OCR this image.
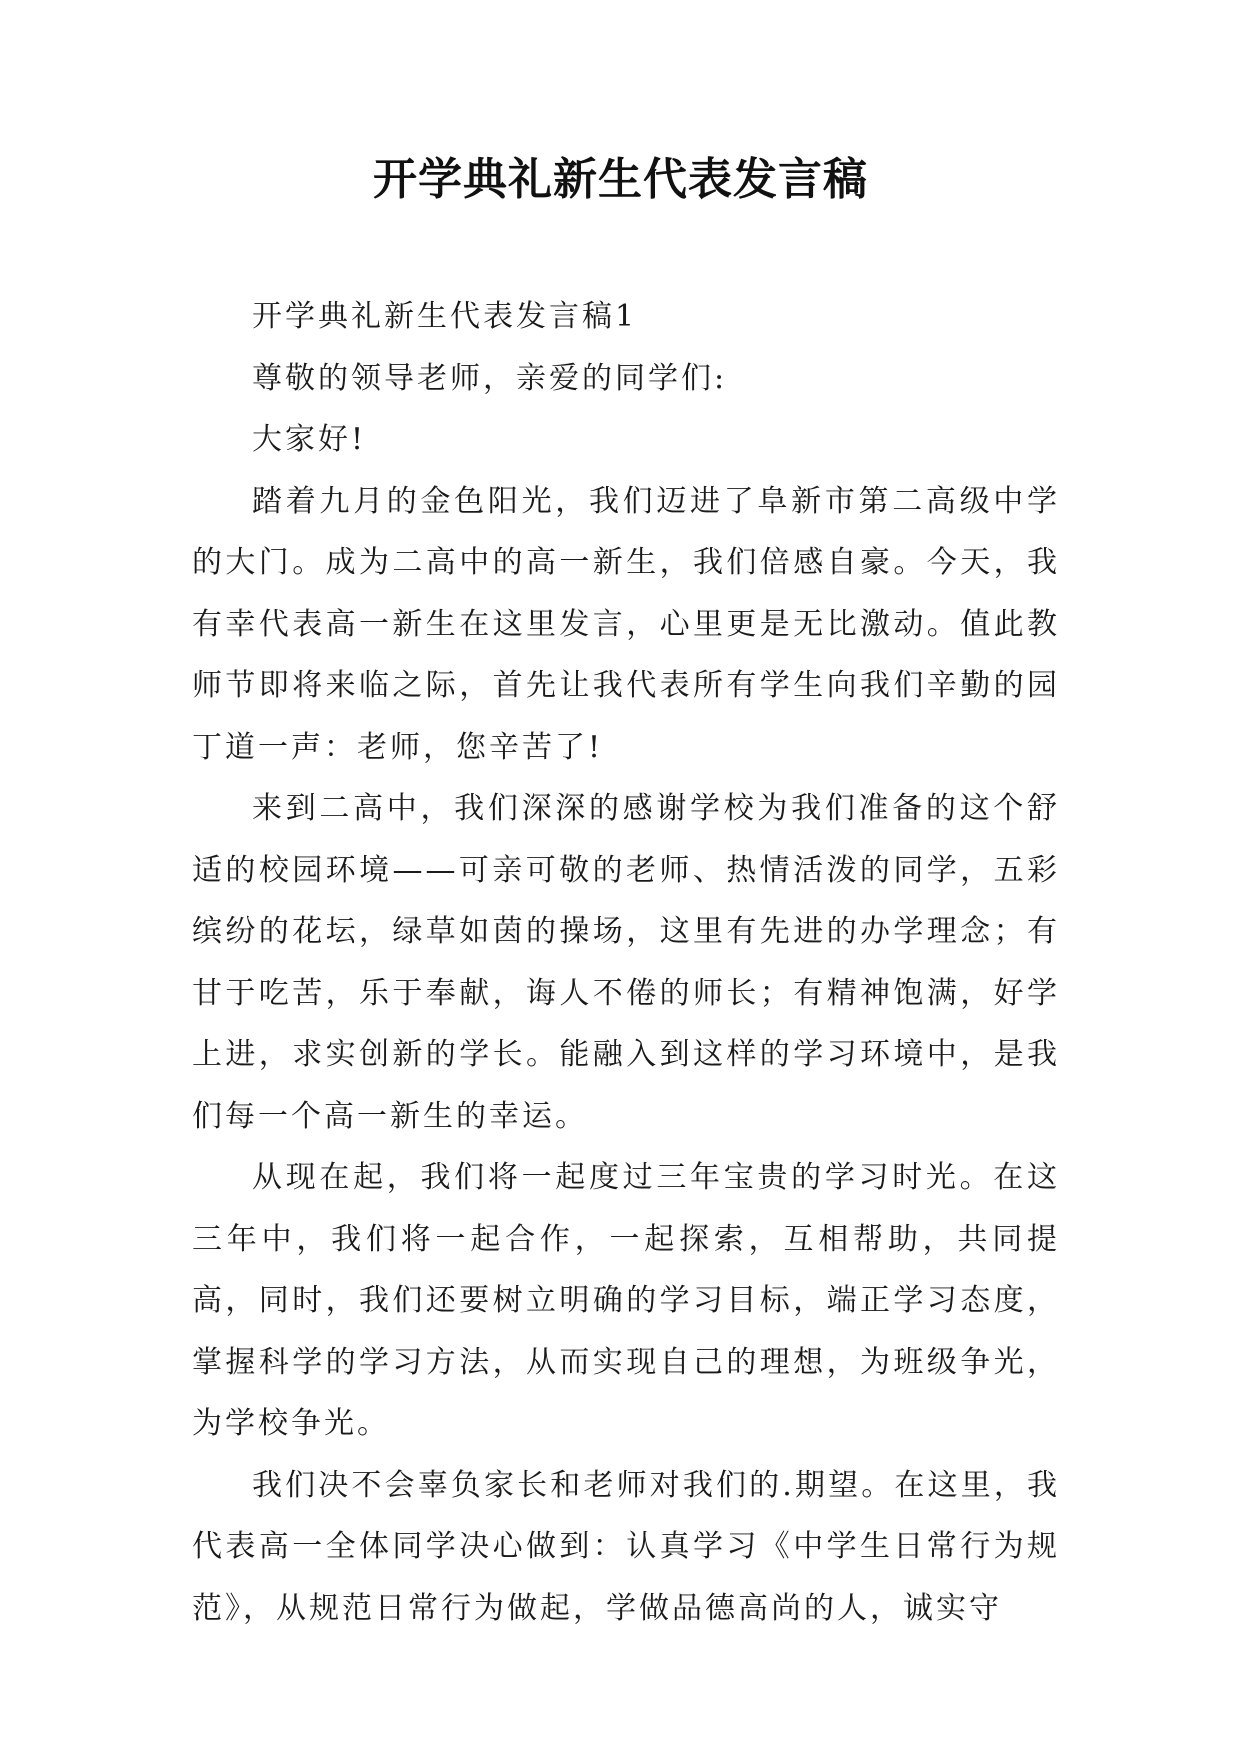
开学典礼新生代表发言稿

开学典礼新生代表发言稿1

尊敬的领导老师，亲爱的同学们:

大家好!

踏着九月的金色阳光，我们迈进了阜新市第二高级中学的大门。成为二高中的高一新生，我们倍感自豪。今天，我有幸代表高一新生在这里发言，心里更是无比激动。值此教师节即将来临之际，首先让我代表所有学生向我们辛勤的园丁道一声：老师，您辛苦了!

来到二高中，我们深深的感谢学校为我们准备的这个舒适的校园环境——可亲可敬的老师、热情活泼的同学，五彩缤纷的花坛，绿草如茵的操场，这里有先进的办学理念；有甘于吃苦，乐于奉献，诲人不倦的师长；有精神饱满，好学上进，求实创新的学长。能融入到这样的学习环境中，是我们每一个高一新生的幸运。

从现在起，我们将一起度过三年宝贵的学习时光。在这三年中，我们将一起合作，一起探索，互相帮助，共同提高，同时，我们还要树立明确的学习目标，端正学习态度，掌握科学的学习方法，从而实现自己的理想，为班级争光，为学校争光。

我们决不会辜负家长和老师对我们的.期望。在这里，我代表高一全体同学决心做到：认真学习《中学生日常行为规范》，从规范日常行为做起，学做品德高尚的人，诚实守
